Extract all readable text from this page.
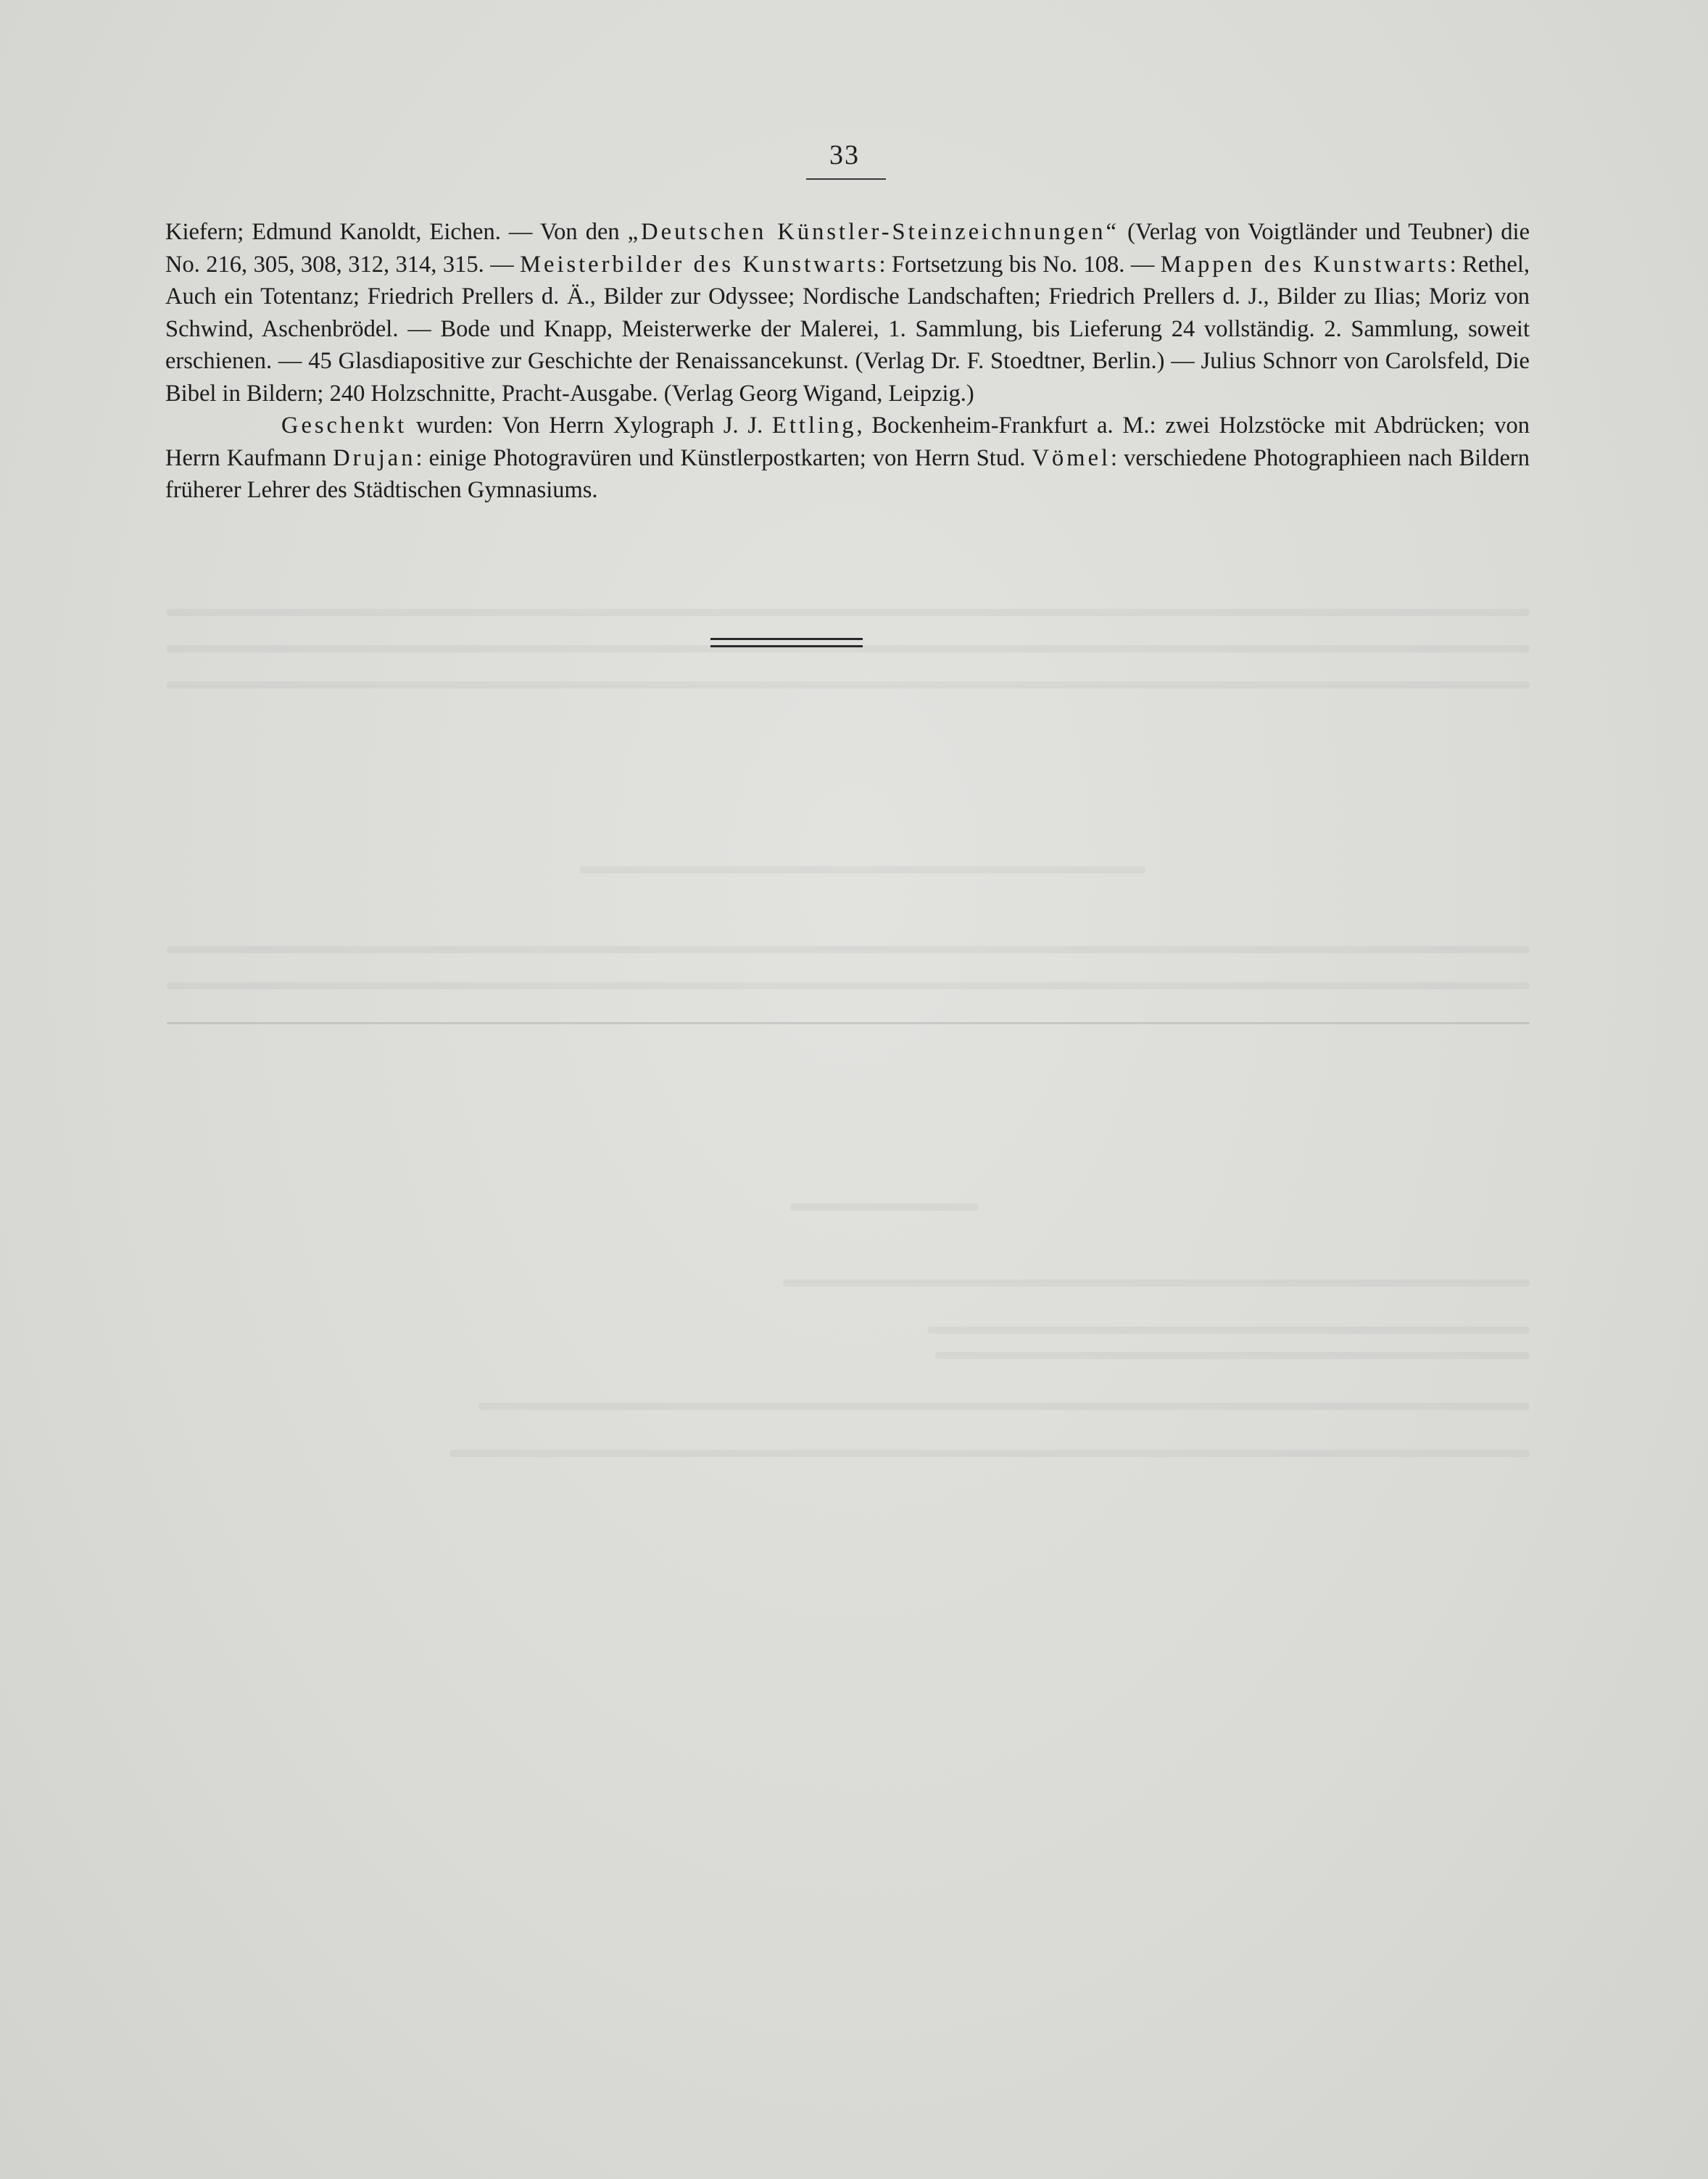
33

Kiefern; Edmund Kanoldt, Eichen. — Von den „Deutschen Künstler-Steinzeichnungen“ (Verlag von Voigtländer und Teubner) die No. 216, 305, 308, 312, 314, 315. — Meisterbilder des Kunstwarts: Fortsetzung bis No. 108. — Mappen des Kunstwarts: Rethel, Auch ein Totentanz; Friedrich Prellers d. Ä., Bilder zur Odyssee; Nordische Landschaften; Friedrich Prellers d. J., Bilder zu Ilias; Moriz von Schwind, Aschenbrödel. — Bode und Knapp, Meisterwerke der Malerei, 1. Sammlung, bis Lieferung 24 vollständig. 2. Sammlung, soweit erschienen. — 45 Glasdiapositive zur Geschichte der Renaissancekunst. (Verlag Dr. F. Stoedtner, Berlin.) — Julius Schnorr von Carolsfeld, Die Bibel in Bildern; 240 Holzschnitte, Pracht-Ausgabe. (Verlag Georg Wigand, Leipzig.)

Geschenkt wurden: Von Herrn Xylograph J. J. Ettling, Bockenheim-Frankfurt a. M.: zwei Holzstöcke mit Abdrücken; von Herrn Kaufmann Drujan: einige Photogravüren und Künstlerpostkarten; von Herrn Stud. Vömel: verschiedene Photographieen nach Bildern früherer Lehrer des Städtischen Gymnasiums.
